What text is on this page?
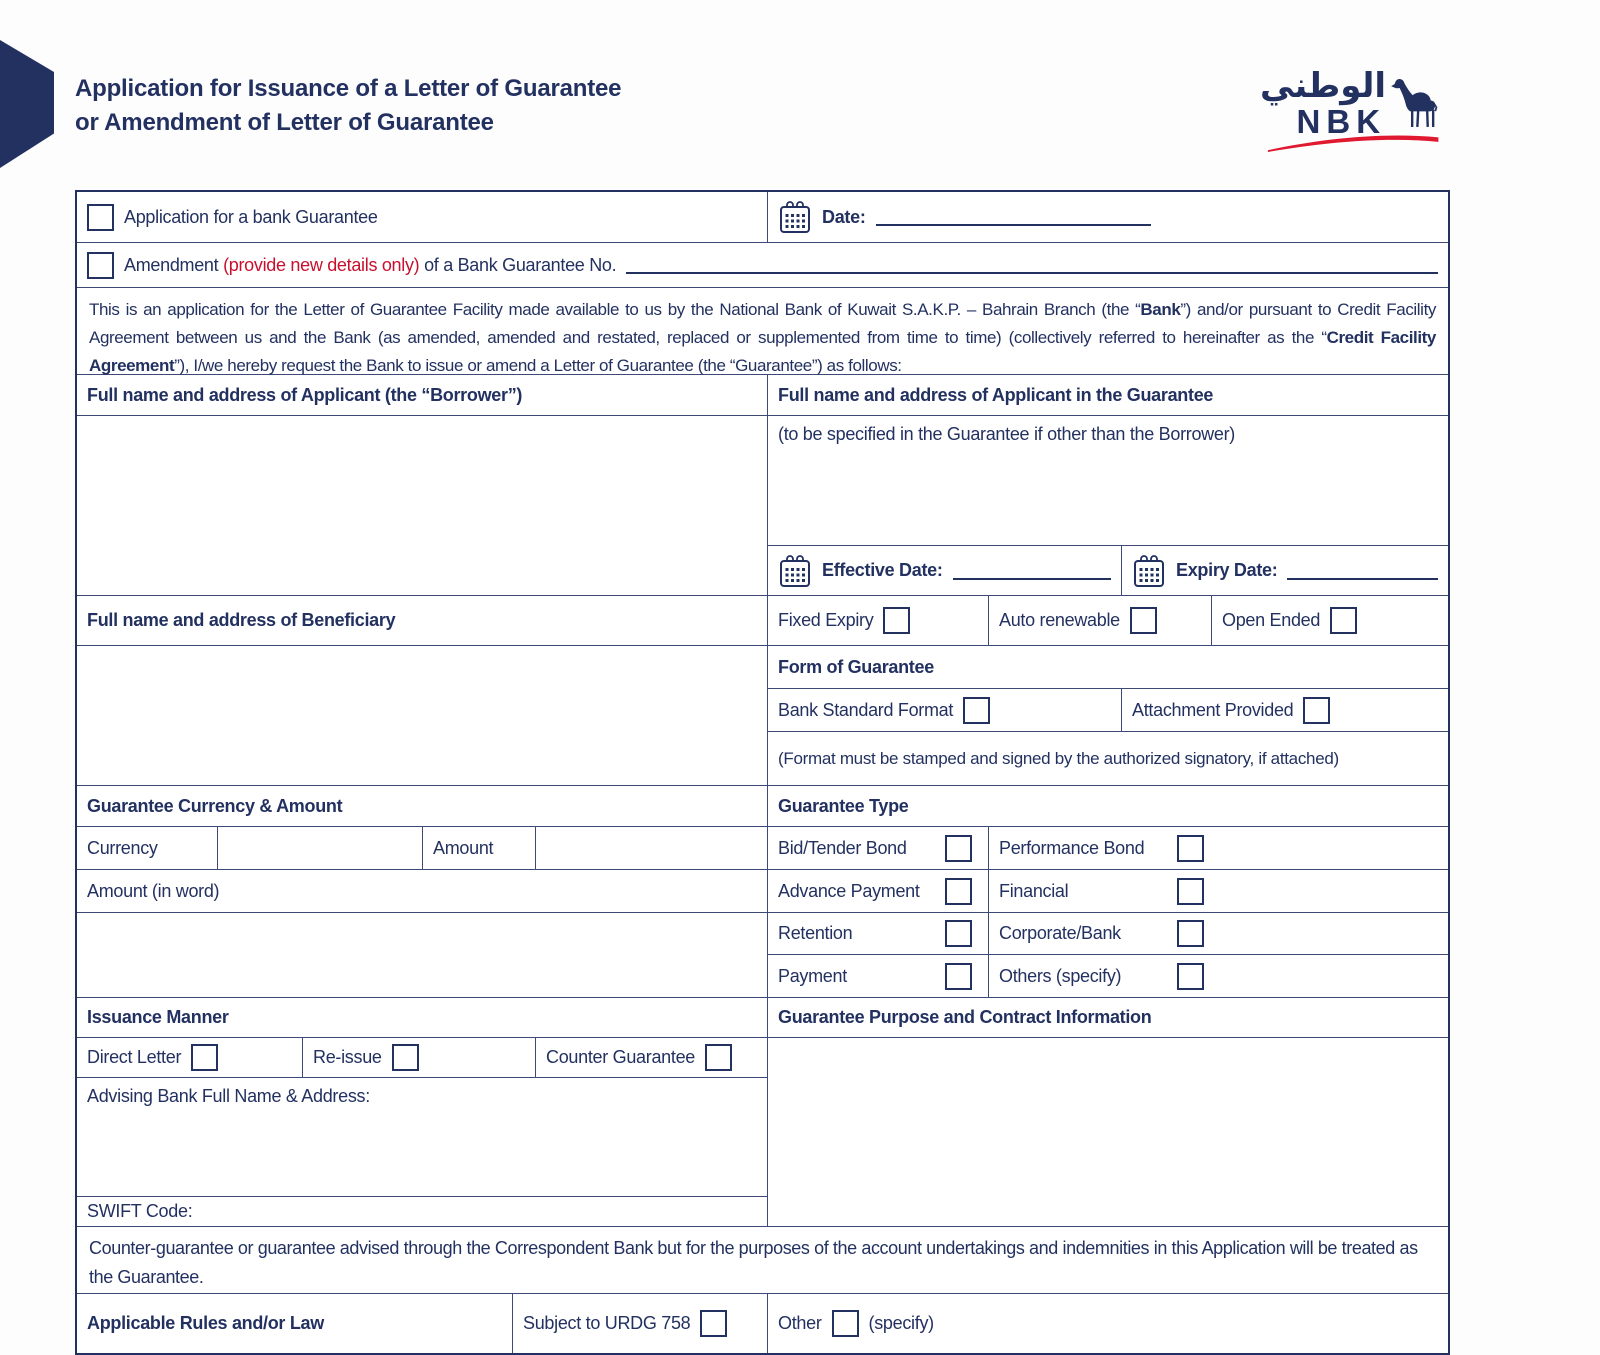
Application for Issuance of a Letter of Guarantee
or Amendment of Letter of Guarantee
الوطني
NBK
Application for a bank Guarantee	Date:
Amendment (provide new details only) of a Bank Guarantee No.
This is an application for the Letter of Guarantee Facility made available to us by the National Bank of Kuwait S.A.K.P. – Bahrain Branch (the “Bank”) and/or pursuant to Credit Facility Agreement between us and the Bank (as amended, amended and restated, replaced or supplemented from time to time) (collectively referred to hereinafter as the “Credit Facility Agreement”), I/we hereby request the Bank to issue or amend a Letter of Guarantee (the “Guarantee”) as follows:
Full name and address of Applicant (the “Borrower”)
Full name and address of Beneficiary
Full name and address of Applicant in the Guarantee
(to be specified in the Guarantee if other than the Borrower)
Effective Date:	Expiry Date:
Fixed Expiry	Auto renewable	Open Ended
Form of Guarantee
Bank Standard Format	Attachment Provided
(Format must be stamped and signed by the authorized signatory, if attached)
Guarantee Currency & Amount
Currency	Amount
Amount (in word)
Issuance Manner
Direct Letter	Re-issue	Counter Guarantee
Advising Bank Full Name & Address:
SWIFT Code:
Guarantee Type
Bid/Tender Bond	Performance Bond
Advance Payment	Financial
Retention	Corporate/Bank
Payment	Others (specify)
Guarantee Purpose and Contract Information
Counter-guarantee or guarantee advised through the Correspondent Bank but for the purposes of the account undertakings and indemnities in this Application will be treated as the Guarantee.
Applicable Rules and/or Law	Subject to URDG 758	Other	(specify)
